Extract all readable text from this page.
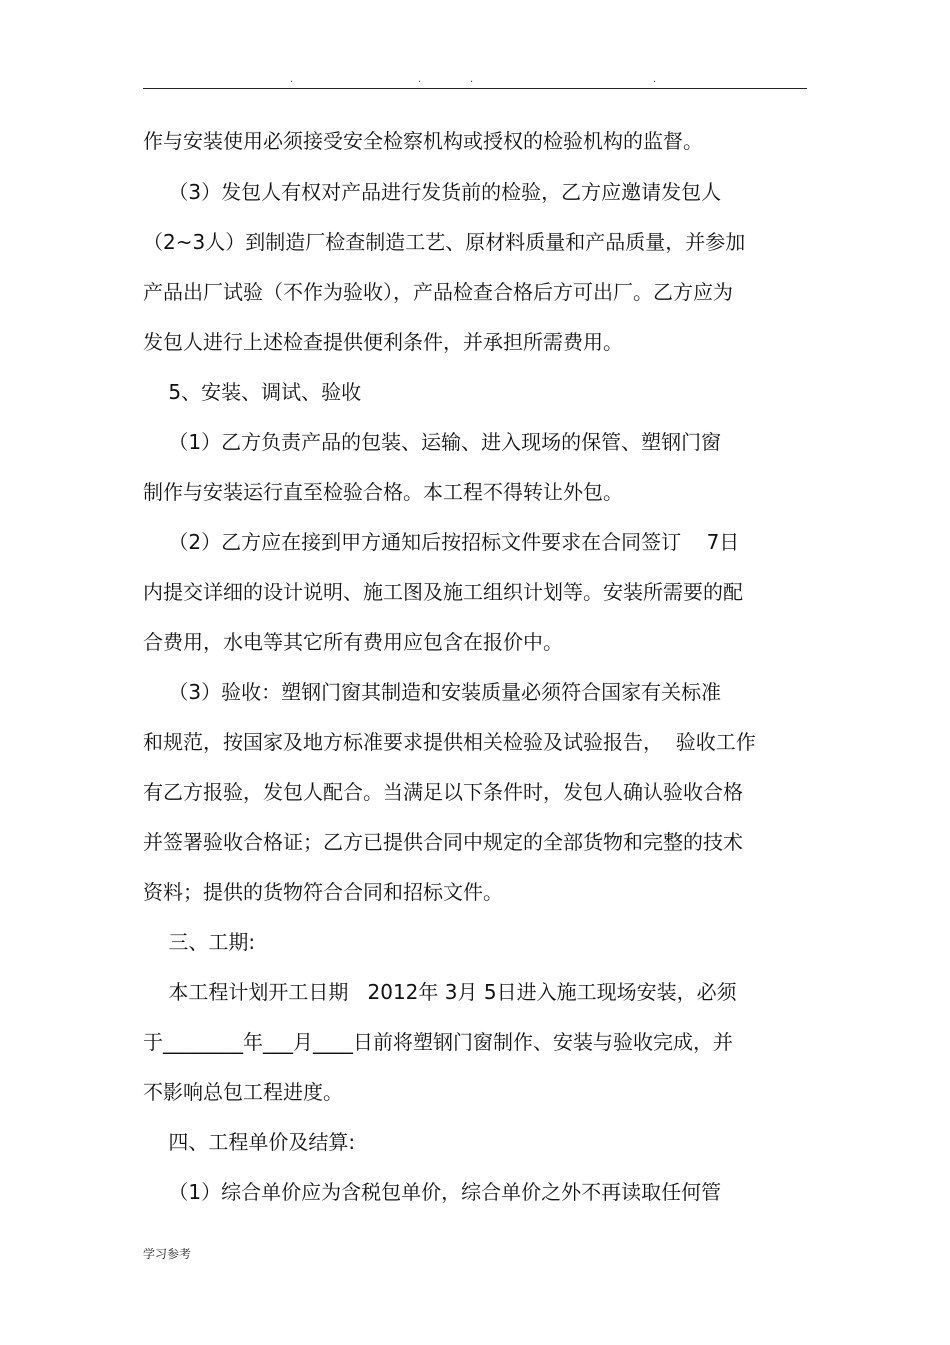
.	.	.	.
作与安装使用必须接受安全检察机构或授权的检验机构的监督。
（3）发包人有权对产品进行发货前的检验，乙方应邀请发包人
（2~3人）到制造厂检查制造工艺、原材料质量和产品质量，并参加
产品出厂试验（不作为验收），产品检查合格后方可出厂。乙方应为
发包人进行上述检查提供便利条件，并承担所需费用。
5、安装、调试、验收
（1）乙方负责产品的包装、运输、进入现场的保管、塑钢门窗
制作与安装运行直至检验合格。本工程不得转让外包。
（2）乙方应在接到甲方通知后按招标文件要求在合同签订    7日
内提交详细的设计说明、施工图及施工组织计划等。安装所需要的配
合费用，水电等其它所有费用应包含在报价中。
（3）验收：塑钢门窗其制造和安装质量必须符合国家有关标准
和规范，按国家及地方标准要求提供相关检验及试验报告，  验收工作
有乙方报验，发包人配合。当满足以下条件时，发包人确认验收合格
并签署验收合格证；乙方已提供合同中规定的全部货物和完整的技术
资料；提供的货物符合合同和招标文件。
三、工期:
本工程计划开工日期   2012年 3月 5日进入施工现场安装，必须
于________年___月____日前将塑钢门窗制作、安装与验收完成，并
不影响总包工程进度。
四、工程单价及结算:
（1）综合单价应为含税包单价，综合单价之外不再读取任何管
学习参考
